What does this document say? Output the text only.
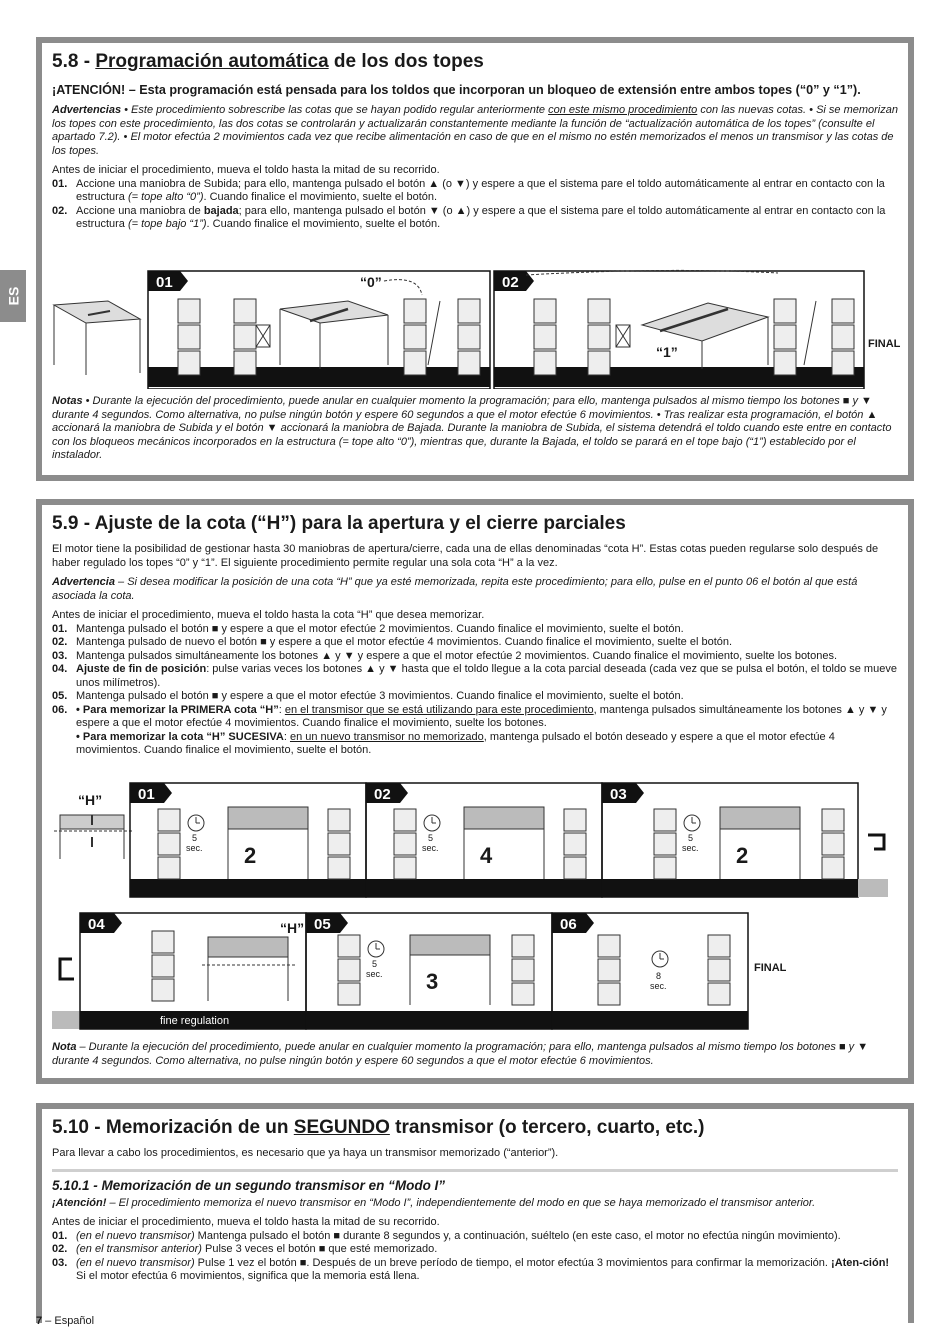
ES
5.8 - Programación automática de los dos topes
¡ATENCIÓN! – Esta programación está pensada para los toldos que incorporan un bloqueo de extensión entre ambos topes (“0” y “1”).

Advertencias • Este procedimiento sobrescribe las cotas que se hayan podido regular anteriormente con este mismo procedimiento con las nuevas cotas. • Si se memorizan los topes con este procedimiento, las dos cotas se controlarán y actualizarán constantemente mediante la función de “actualización automática de los topes” (consulte el apartado 7.2). • El motor efectúa 2 movimientos cada vez que recibe alimentación en caso de que en el mismo no estén memorizados el menos un transmisor y las cotas de los topes.

Antes de iniciar el procedimiento, mueva el toldo hasta la mitad de su recorrido.

01. Accione una maniobra de Subida; para ello, mantenga pulsado el botón ▲ (o ▼) y espere a que el sistema pare el toldo automáticamente al entrar en contacto con la estructura (= tope alto “0”). Cuando finalice el movimiento, suelte el botón.
02. Accione una maniobra de bajada; para ello, mantenga pulsado el botón ▼ (o ▲) y espere a que el sistema pare el toldo automáticamente al entrar en contacto con la estructura (= tope bajo “1”). Cuando finalice el movimiento, suelte el botón.
01	“0”	02
“1”	FINAL

Notas • Durante la ejecución del procedimiento, puede anular en cualquier momento la programación; para ello, mantenga pulsados al mismo tiempo los botones ■ y ▼ durante 4 segundos. Como alternativa, no pulse ningún botón y espere 60 segundos a que el motor efectúe 6 movimientos. • Tras realizar esta programación, el botón ▲ accionará la maniobra de Subida y el botón ▼ accionará la maniobra de Bajada. Durante la maniobra de Subida, el sistema detendrá el toldo cuando este entre en contacto con los bloqueos mecánicos incorporados en la estructura (= tope alto “0”), mientras que, durante la Bajada, el toldo se parará en el tope bajo (“1”) establecido por el instalador.

5.9 - Ajuste de la cota (“H”) para la apertura y el cierre parciales

El motor tiene la posibilidad de gestionar hasta 30 maniobras de apertura/cierre, cada una de ellas denominadas “cota H”. Estas cotas pueden regularse solo después de haber regulado los topes “0” y “1”. El siguiente procedimiento permite regular una sola cota “H” a la vez.

Advertencia – Si desea modificar la posición de una cota “H” que ya esté memorizada, repita este procedimiento; para ello, pulse en el punto 06 el botón al que está asociada la cota.

Antes de iniciar el procedimiento, mueva el toldo hasta la cota “H” que desea memorizar.

01. Mantenga pulsado el botón ■ y espere a que el motor efectúe 2 movimientos. Cuando finalice el movimiento, suelte el botón.
02. Mantenga pulsado de nuevo el botón ■ y espere a que el motor efectúe 4 movimientos. Cuando finalice el movimiento, suelte el botón.
03. Mantenga pulsados simultáneamente los botones ▲ y ▼ y espere a que el motor efectúe 2 movimientos. Cuando finalice el movimiento, suelte los botones.
04. Ajuste de fin de posición: pulse varias veces los botones ▲ y ▼ hasta que el toldo llegue a la cota parcial deseada (cada vez que se pulsa el botón, el toldo se mueve unos milímetros).
05. Mantenga pulsado el botón ■ y espere a que el motor efectúe 3 movimientos. Cuando finalice el movimiento, suelte el botón.
06. • Para memorizar la PRIMERA cota “H”: en el transmisor que se está utilizando para este procedimiento, mantenga pulsados simultáneamente los botones ▲ y ▼ y espere a que el motor efectúe 4 movimientos. Cuando finalice el movimiento, suelte los botones.
• Para memorizar la cota “H” SUCESIVA: en un nuevo transmisor no memorizado, mantenga pulsado el botón deseado y espere a que el motor efectúe 4 movimientos. Cuando finalice el movimiento, suelte el botón.
“H” 01
5
sec. 2
02
5
sec. 4
03
5
sec. 2
04
fine regulation
“H” 05
5
sec. 3
06
8
sec.
FINAL

Nota – Durante la ejecución del procedimiento, puede anular en cualquier momento la programación; para ello, mantenga pulsados al mismo tiempo los botones ■ y ▼ durante 4 segundos. Como alternativa, no pulse ningún botón y espere 60 segundos a que el motor efectúe 6 movimientos.

5.10 - Memorización de un SEGUNDO transmisor (o tercero, cuarto, etc.)

Para llevar a cabo los procedimientos, es necesario que ya haya un transmisor memorizado (“anterior”).

5.10.1 - Memorización de un segundo transmisor en “Modo I”

¡Atención! – El procedimiento memoriza el nuevo transmisor en “Modo I”, independientemente del modo en que se haya memorizado el transmisor anterior.

Antes de iniciar el procedimiento, mueva el toldo hasta la mitad de su recorrido.

01. (en el nuevo transmisor) Mantenga pulsado el botón ■ durante 8 segundos y, a continuación, suéltelo (en este caso, el motor no efectúa ningún movimiento).
02. (en el transmisor anterior) Pulse 3 veces el botón ■ que esté memorizado.
03. (en el nuevo transmisor) Pulse 1 vez el botón ■. Después de un breve período de tiempo, el motor efectúa 3 movimientos para confirmar la memorización. ¡Aten-ción! Si el motor efectúa 6 movimientos, significa que la memoria está llena.
7 – Español
